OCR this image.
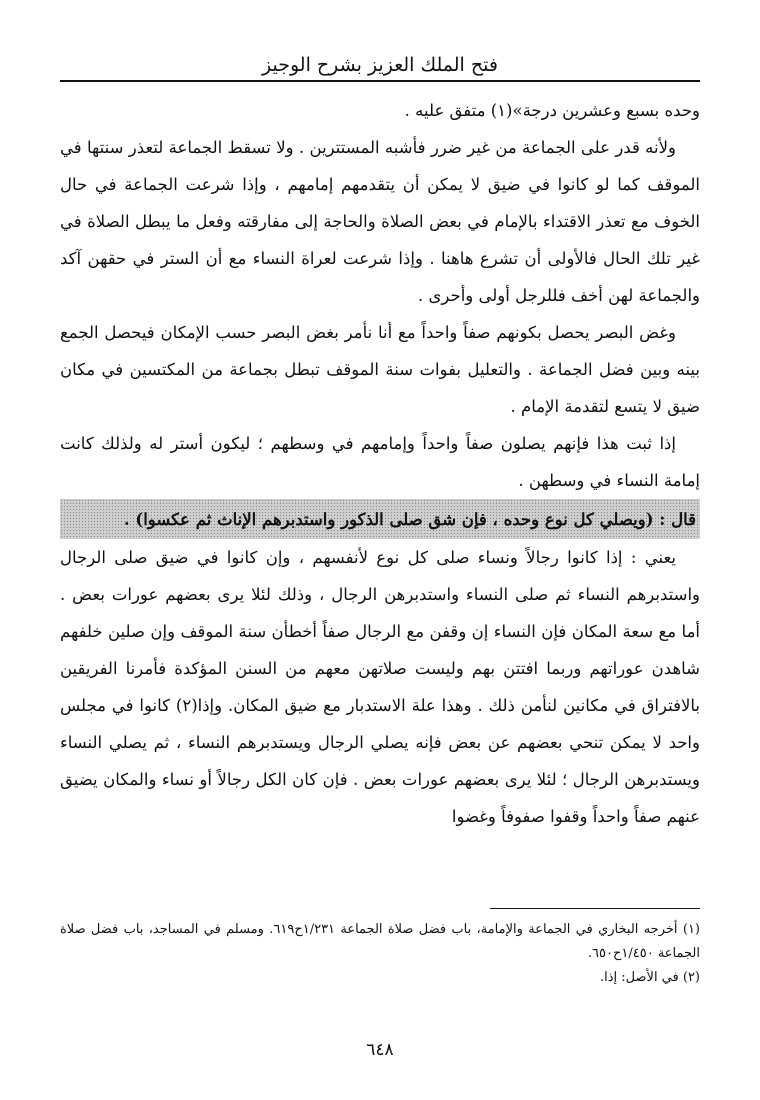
فتح الملك العزيز بشرح الوجيز

وحده بسبع وعشرين درجة»(١) متفق عليه .

ولأنه قدر على الجماعة من غير ضرر فأشبه المستترين . ولا تسقط الجماعة لتعذر سنتها في الموقف كما لو كانوا في ضيق لا يمكن أن يتقدمهم إمامهم ، وإذا شرعت الجماعة في حال الخوف مع تعذر الاقتداء بالإمام في بعض الصلاة والحاجة إلى مفارقته وفعل ما يبطل الصلاة في غير تلك الحال فالأولى أن تشرع هاهنا . وإذا شرعت لعراة النساء مع أن الستر في حقهن آكد والجماعة لهن أخف فللرجل أولى وأحرى .

وغض البصر يحصل بكونهم صفاً واحداً مع أنا نأمر بغض البصر حسب الإمكان فيحصل الجمع بينه وبين فضل الجماعة . والتعليل بفوات سنة الموقف تبطل بجماعة من المكتسين في مكان ضيق لا يتسع لتقدمة الإمام .

إذا ثبت هذا فإنهم يصلون صفاً واحداً وإمامهم في وسطهم ؛ ليكون أستر له ولذلك كانت إمامة النساء في وسطهن .

قال : (ويصلي كل نوع وحده ، فإن شق صلى الذكور واستدبرهم الإناث ثم عكسوا) .

يعني : إذا كانوا رجالاً ونساء صلى كل نوع لأنفسهم ، وإن كانوا في ضيق صلى الرجال واستدبرهم النساء ثم صلى النساء واستدبرهن الرجال ، وذلك لئلا يرى بعضهم عورات بعض . أما مع سعة المكان فإن النساء إن وقفن مع الرجال صفاً أخطأن سنة الموقف وإن صلين خلفهم شاهدن عوراتهم وربما افتتن بهم وليست صلاتهن معهم من السنن المؤكدة فأمرنا الفريقين بالافتراق في مكانين لنأمن ذلك . وهذا علة الاستدبار مع ضيق المكان. وإذا(٢) كانوا في مجلس واحد لا يمكن تنحي بعضهم عن بعض فإنه يصلي الرجال ويستدبرهم النساء ، ثم يصلي النساء ويستدبرهن الرجال ؛ لئلا يرى بعضهم عورات بعض . فإن كان الكل رجالاً أو نساء والمكان يضيق عنهم صفاً واحداً وقفوا صفوفاً وغضوا

(١) أخرجه البخاري في الجماعة والإمامة، باب فضل صلاة الجماعة ١/٢٣١ح٦١٩. ومسلم في المساجد، باب فضل صلاة الجماعة ١/٤٥٠ح٦٥٠.

(٢) في الأصل: إذا.

٦٤٨
